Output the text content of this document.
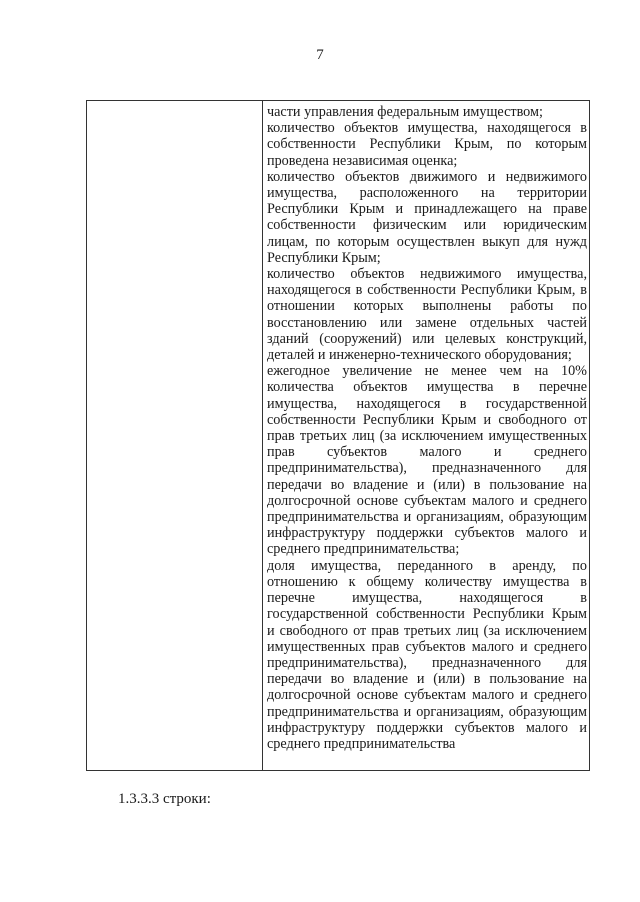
7
части управления федеральным имуществом;
количество объектов имущества, находящегося в
собственности Республики Крым, по которым
проведена независимая оценка;
количество объектов движимого и недвижимого
имущества, расположенного на территории
Республики Крым и принадлежащего на праве
собственности физическим или юридическим
лицам, по которым осуществлен выкуп для нужд
Республики Крым;
количество объектов недвижимого имущества,
находящегося в собственности Республики Крым, в
отношении которых выполнены работы по
восстановлению или замене отдельных частей
зданий (сооружений) или целевых конструкций,
деталей и инженерно-технического оборудования;
ежегодное увеличение не менее чем на 10%
количества объектов имущества в перечне
имущества, находящегося в государственной
собственности Республики Крым и свободного от
прав третьих лиц (за исключением имущественных
прав субъектов малого и среднего
предпринимательства), предназначенного для
передачи во владение и (или) в пользование на
долгосрочной основе субъектам малого и среднего
предпринимательства и организациям, образующим
инфраструктуру поддержки субъектов малого и
среднего предпринимательства;
доля имущества, переданного в аренду, по
отношению к общему количеству имущества в
перечне имущества, находящегося в
государственной собственности Республики Крым
и свободного от прав третьих лиц (за исключением
имущественных прав субъектов малого и среднего
предпринимательства), предназначенного для
передачи во владение и (или) в пользование на
долгосрочной основе субъектам малого и среднего
предпринимательства и организациям, образующим
инфраструктуру поддержки субъектов малого и
среднего предпринимательства
1.3.3.3 строки:
